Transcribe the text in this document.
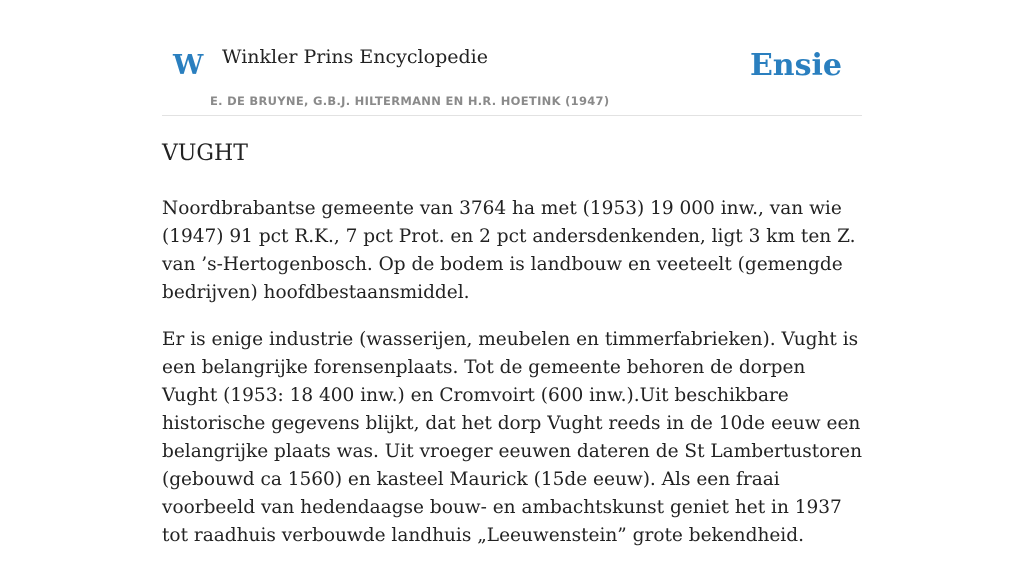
W Winkler Prins Encyclopedie
E. DE BRUYNE, G.B.J. HILTERMANN EN H.R. HOETINK (1947)
Ensie
VUGHT

Noordbrabantse gemeente van 3764 ha met (1953) 19 000 inw., van wie (1947) 91 pct R.K., 7 pct Prot. en 2 pct andersdenkenden, ligt 3 km ten Z. van ’s-Hertogenbosch. Op de bodem is landbouw en veeteelt (gemengde bedrijven) hoofdbestaansmiddel.

Er is enige industrie (wasserijen, meubelen en timmerfabrieken). Vught is een belangrijke forensenplaats. Tot de gemeente behoren de dorpen Vught (1953: 18 400 inw.) en Cromvoirt (600 inw.).Uit beschikbare historische gegevens blijkt, dat het dorp Vught reeds in de 10de eeuw een belangrijke plaats was. Uit vroeger eeuwen dateren de St Lambertustoren (gebouwd ca 1560) en kasteel Maurick (15de eeuw). Als een fraai voorbeeld van hedendaagse bouw- en ambachtskunst geniet het in 1937 tot raadhuis verbouwde landhuis „Leeuwenstein” grote bekendheid.
